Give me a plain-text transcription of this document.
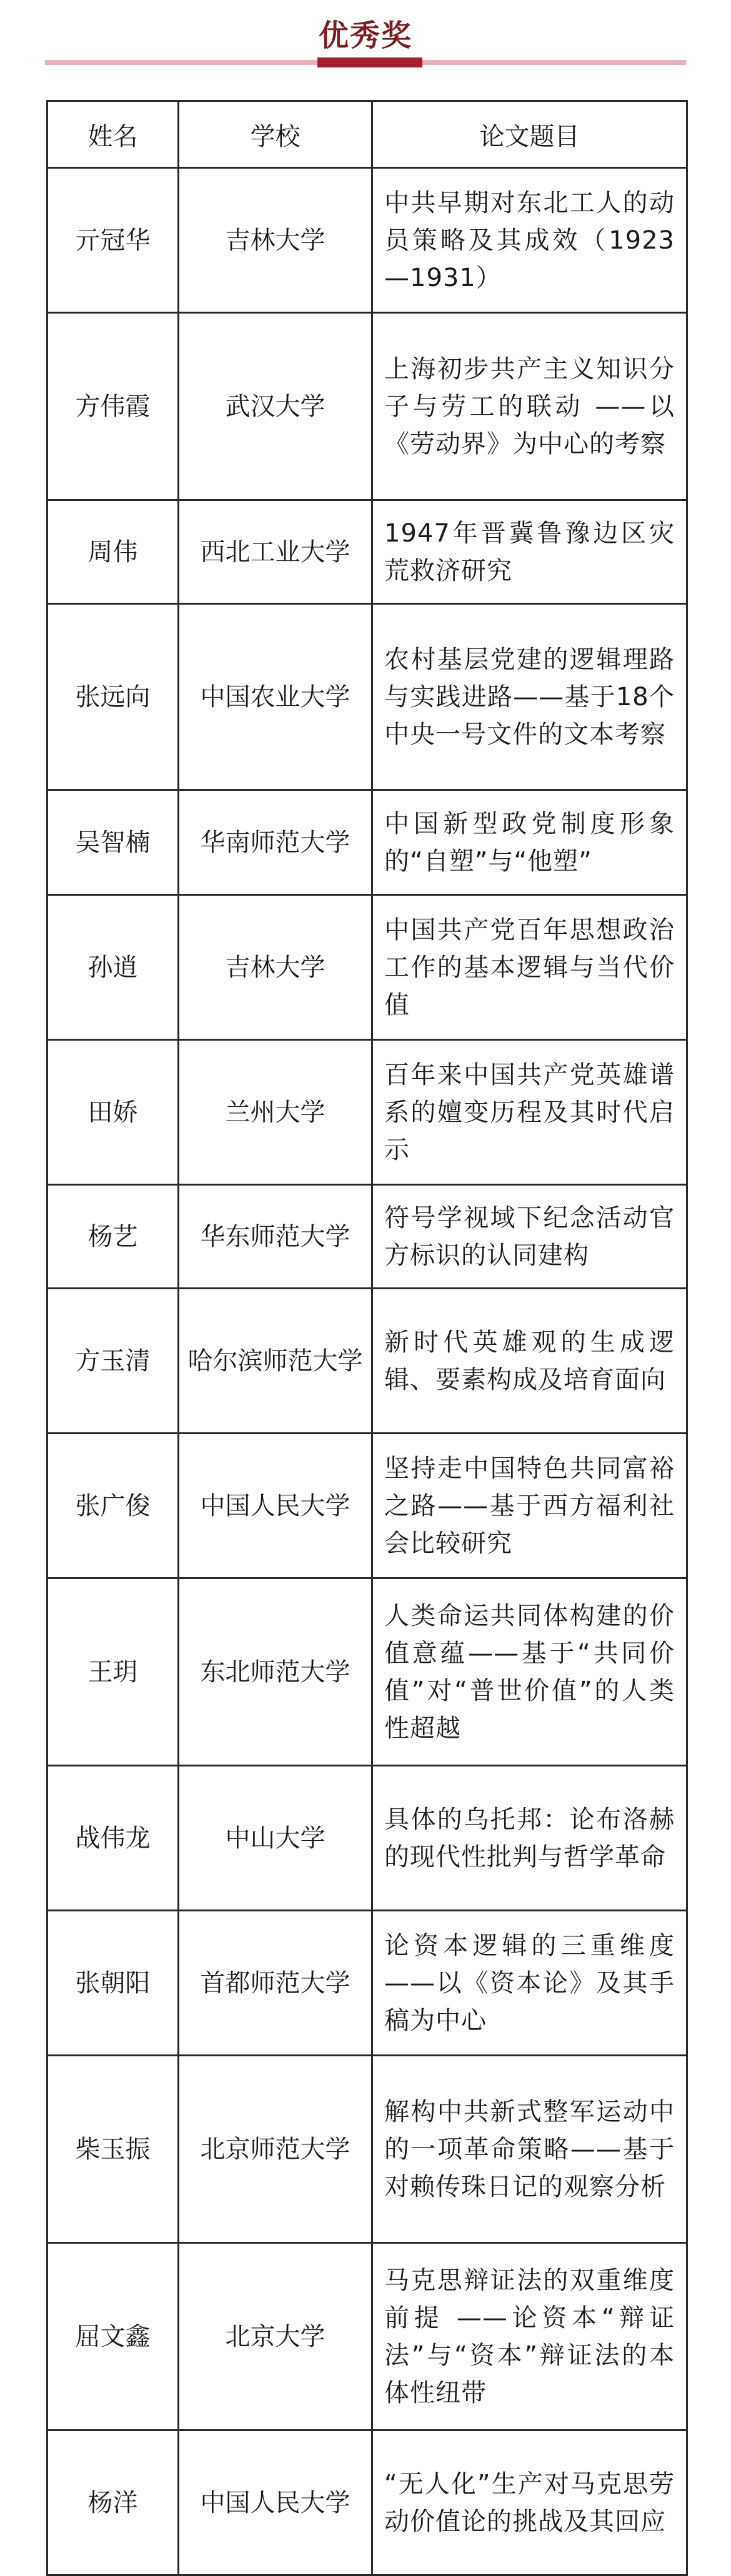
优秀奖
姓名	学校	论文题目
亓冠华	吉林大学	中共早期对东北工人的动员策略及其成效（1923—1931）
方伟霞	武汉大学	上海初步共产主义知识分子与劳工的联动 ——以《劳动界》为中心的考察
周伟	西北工业大学	1947年晋冀鲁豫边区灾荒救济研究
张远向	中国农业大学	农村基层党建的逻辑理路与实践进路——基于18个中央一号文件的文本考察
吴智楠	华南师范大学	中国新型政党制度形象的“自塑”与“他塑”
孙逍	吉林大学	中国共产党百年思想政治工作的基本逻辑与当代价值
田娇	兰州大学	百年来中国共产党英雄谱系的嬗变历程及其时代启示
杨艺	华东师范大学	符号学视域下纪念活动官方标识的认同建构
方玉清	哈尔滨师范大学	新时代英雄观的生成逻辑、要素构成及培育面向
张广俊	中国人民大学	坚持走中国特色共同富裕之路——基于西方福利社会比较研究
王玥	东北师范大学	人类命运共同体构建的价值意蕴——基于“共同价值”对“普世价值”的人类性超越
战伟龙	中山大学	具体的乌托邦：论布洛赫的现代性批判与哲学革命
张朝阳	首都师范大学	论资本逻辑的三重维度——以《资本论》及其手稿为中心
柴玉振	北京师范大学	解构中共新式整军运动中的一项革命策略——基于对赖传珠日记的观察分析
屈文鑫	北京大学	马克思辩证法的双重维度前提 ——论资本“辩证法”与“资本”辩证法的本体性纽带
杨洋	中国人民大学	“无人化”生产对马克思劳动价值论的挑战及其回应
